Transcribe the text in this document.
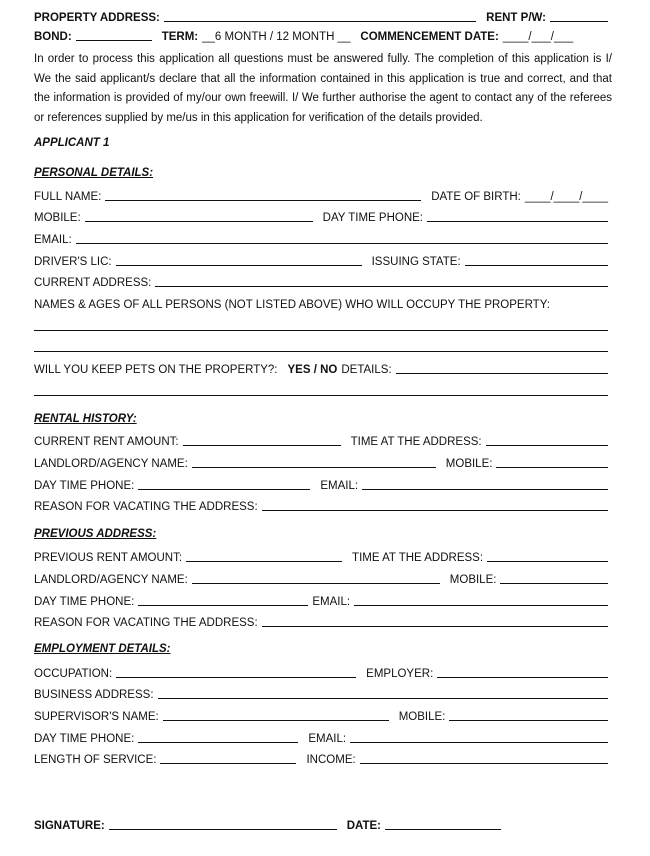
PROPERTY ADDRESS:	RENT P/W:
BOND:	TERM: __6 MONTH / 12 MONTH __ COMMENCEMENT DATE: ____/___/___
In order to process this application all questions must be answered fully. The completion of this application is I/ We the said applicant/s declare that all the information contained in this application is true and correct, and that the information is provided of my/our own freewill. I/ We further authorise the agent to contact any of the referees or references supplied by me/us in this application for verification of the details provided.
APPLICANT 1
PERSONAL DETAILS:
FULL NAME:	DATE OF BIRTH: ____/____/____
MOBILE:	DAY TIME PHONE:
EMAIL:
DRIVER'S LIC:	ISSUING STATE:
CURRENT ADDRESS:
NAMES & AGES OF ALL PERSONS (NOT LISTED ABOVE) WHO WILL OCCUPY THE PROPERTY:
WILL YOU KEEP PETS ON THE PROPERTY?: YES / NO DETAILS:
RENTAL HISTORY:
CURRENT RENT AMOUNT:	TIME AT THE ADDRESS:
LANDLORD/AGENCY NAME:	MOBILE:
DAY TIME PHONE:	EMAIL:
REASON FOR VACATING THE ADDRESS:
PREVIOUS ADDRESS:
PREVIOUS RENT AMOUNT:	TIME AT THE ADDRESS:
LANDLORD/AGENCY NAME:	MOBILE:
DAY TIME PHONE:	EMAIL:
REASON FOR VACATING THE ADDRESS:
EMPLOYMENT DETAILS:
OCCUPATION:	EMPLOYER:
BUSINESS ADDRESS:
SUPERVISOR'S NAME:	MOBILE:
DAY TIME PHONE:	EMAIL:
LENGTH OF SERVICE:	INCOME:
SIGNATURE:	DATE:
